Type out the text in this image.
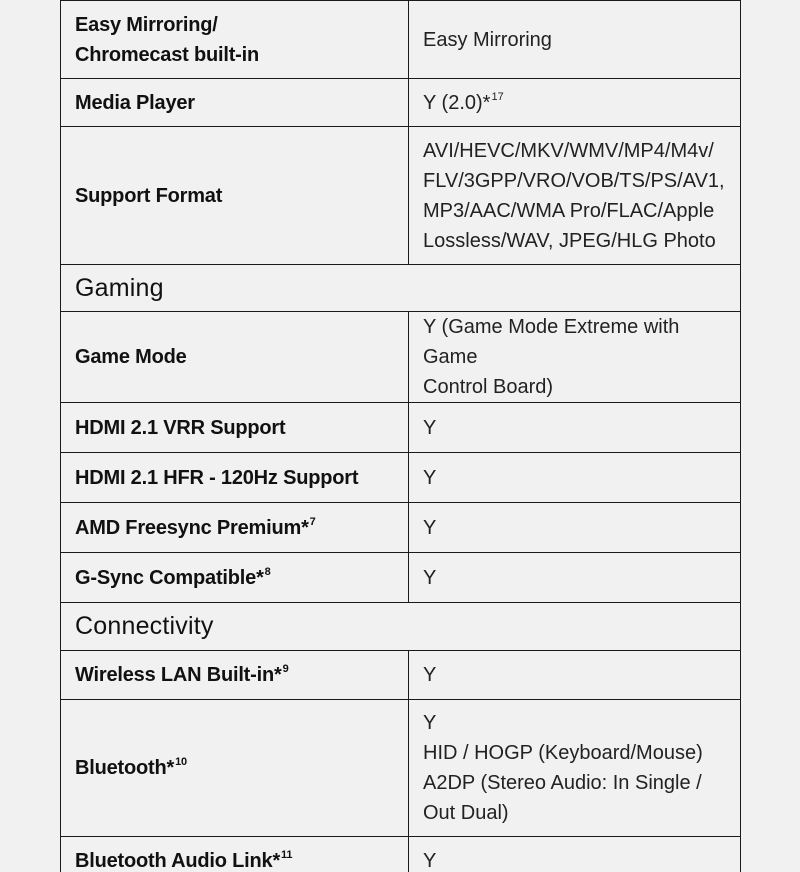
Easy Mirroring/
Chromecast built-in	Easy Mirroring

Media Player	Y (2.0)*$^{17}$

Support Format	AVI/HEVC/MKV/WMV/MP4/M4v/
FLV/3GPP/VRO/VOB/TS/PS/AV1,
MP3/AAC/WMA Pro/FLAC/Apple
Lossless/WAV, JPEG/HLG Photo

Gaming	

Game Mode	Y (Game Mode Extreme with Game
Control Board)

HDMI 2.1 VRR Support	Y

HDMI 2.1 HFR - 120Hz Support	Y

AMD Freesync Premium*$^7$	Y

G-Sync Compatible*$^8$	Y

Connectivity	
Wireless LAN Built-in*$^9$	Y

Bluetooth*$^{10}$	Y
HID / HOGP (Keyboard/Mouse)
A2DP (Stereo Audio: In Single /
Out Dual)

Bluetooth Audio Link*$^{11}$	Y
